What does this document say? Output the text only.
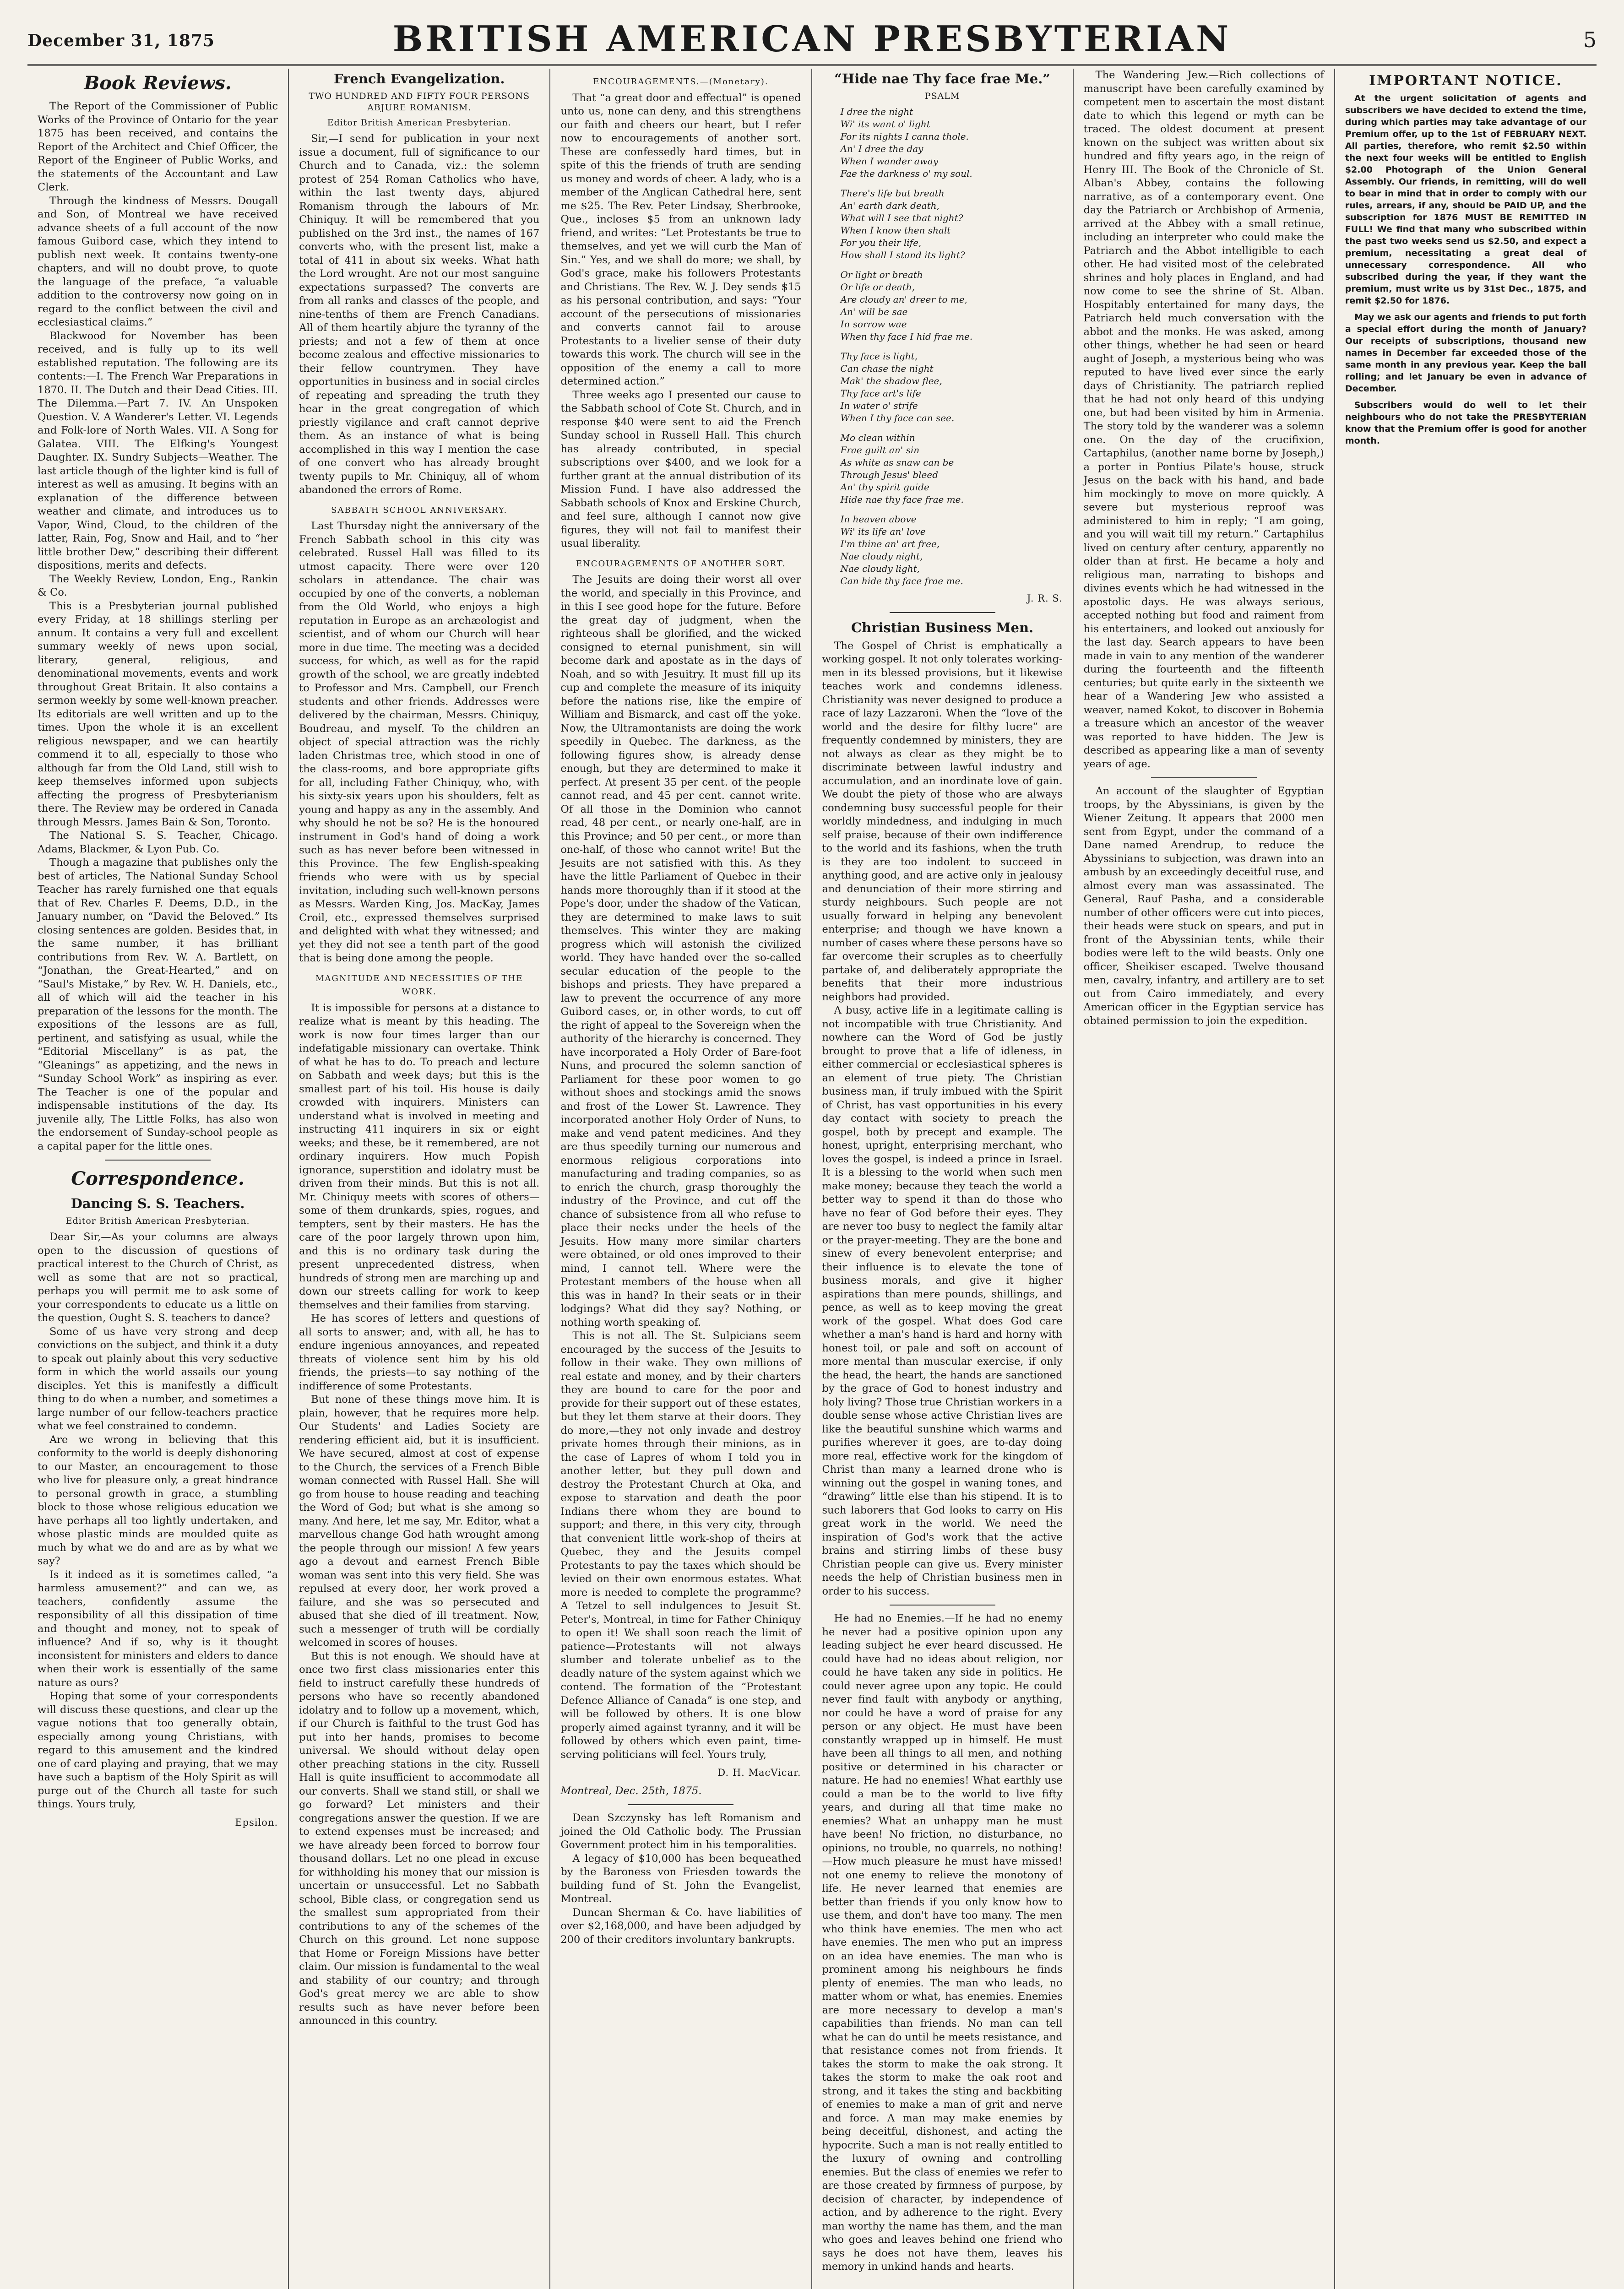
December 31, 1875	BRITISH AMERICAN PRESBYTERIAN	5
Book Reviews.

The Report of the Commissioner of Public Works of the Province of Ontario for the year 1875 has been received, and contains the Report of the Architect and Chief Officer, the Report of the Engineer of Public Works, and the statements of the Accountant and Law Clerk.

Through the kindness of Messrs. Dougall and Son, of Montreal we have received advance sheets of a full account of the now famous Guibord case, which they intend to publish next week. It contains twenty-one chapters, and will no doubt prove, to quote the language of the preface, “a valuable addition to the controversy now going on in regard to the conflict between the civil and ecclesiastical claims.”

Blackwood for November has been received, and is fully up to its well established reputation. The following are its contents:—I. The French War Preparations in 1870. II. The Dutch and their Dead Cities. III. The Dilemma.—Part 7. IV. An Unspoken Question. V. A Wanderer's Letter. VI. Legends and Folk-lore of North Wales. VII. A Song for Galatea. VIII. The Elfking's Youngest Daughter. IX. Sundry Subjects—Weather. The last article though of the lighter kind is full of interest as well as amusing. It begins with an explanation of the difference between weather and climate, and introduces us to Vapor, Wind, Cloud, to the children of the latter, Rain, Fog, Snow and Hail, and to “her little brother Dew,” describing their different dispositions, merits and defects.

The Weekly Review, London, Eng., Rankin & Co.

This is a Presbyterian journal published every Friday, at 18 shillings sterling per annum. It contains a very full and excellent summary weekly of news upon social, literary, general, religious, and denominational movements, events and work throughout Great Britain. It also contains a sermon weekly by some well-known preacher. Its editorials are well written and up to the times. Upon the whole it is an excellent religious newspaper, and we can heartily commend it to all, especially to those who although far from the Old Land, still wish to keep themselves informed upon subjects affecting the progress of Presbyterianism there. The Review may be ordered in Canada through Messrs. James Bain & Son, Toronto.

The National S. S. Teacher, Chicago. Adams, Blackmer, & Lyon Pub. Co.

Though a magazine that publishes only the best of articles, The National Sunday School Teacher has rarely furnished one that equals that of Rev. Charles F. Deems, D.D., in the January number, on “David the Beloved.” Its closing sentences are golden. Besides that, in the same number, it has brilliant contributions from Rev. W. A. Bartlett, on “Jonathan, the Great-Hearted,” and on “Saul's Mistake,” by Rev. W. H. Daniels, etc., all of which will aid the teacher in his preparation of the lessons for the month. The expositions of the lessons are as full, pertinent, and satisfying as usual, while the “Editorial Miscellany” is as pat, the “Gleanings” as appetizing, and the news in “Sunday School Work” as inspiring as ever. The Teacher is one of the popular and indispensable institutions of the day. Its juvenile ally, The Little Folks, has also won the endorsement of Sunday-school people as a capital paper for the little ones.

Correspondence.
Dancing S. S. Teachers.
Editor British American Presbyterian.

Dear Sir,—As your columns are always open to the discussion of questions of practical interest to the Church of Christ, as well as some that are not so practical, perhaps you will permit me to ask some of your correspondents to educate us a little on the question, Ought S. S. teachers to dance?

Some of us have very strong and deep convictions on the subject, and think it a duty to speak out plainly about this very seductive form in which the world assails our young disciples. Yet this is manifestly a difficult thing to do when a number, and sometimes a large number of our fellow-teachers practice what we feel constrained to condemn.

Are we wrong in believing that this conformity to the world is deeply dishonoring to our Master, an encouragement to those who live for pleasure only, a great hindrance to personal growth in grace, a stumbling block to those whose religious education we have perhaps all too lightly undertaken, and whose plastic minds are moulded quite as much by what we do and are as by what we say?

Is it indeed as it is sometimes called, “a harmless amusement?” and can we, as teachers, confidently assume the responsibility of all this dissipation of time and thought and money, not to speak of influence? And if so, why is it thought inconsistent for ministers and elders to dance when their work is essentially of the same nature as ours?

Hoping that some of your correspondents will discuss these questions, and clear up the vague notions that too generally obtain, especially among young Christians, with regard to this amusement and the kindred one of card playing and praying, that we may have such a baptism of the Holy Spirit as will purge out of the Church all taste for such things. Yours truly,

Epsilon.
French Evangelization.
TWO HUNDRED AND FIFTY FOUR PERSONS ABJURE ROMANISM.
Editor British American Presbyterian.

Sir,—I send for publication in your next issue a document, full of significance to our Church and to Canada, viz.: the solemn protest of 254 Roman Catholics who have, within the last twenty days, abjured Romanism through the labours of Mr. Chiniquy. It will be remembered that you published on the 3rd inst., the names of 167 converts who, with the present list, make a total of 411 in about six weeks. What hath the Lord wrought. Are not our most sanguine expectations surpassed? The converts are from all ranks and classes of the people, and nine-tenths of them are French Canadians. All of them heartily abjure the tyranny of the priests; and not a few of them at once become zealous and effective missionaries to their fellow countrymen. They have opportunities in business and in social circles of repeating and spreading the truth they hear in the great congregation of which priestly vigilance and craft cannot deprive them. As an instance of what is being accomplished in this way I mention the case of one convert who has already brought twenty pupils to Mr. Chiniquy, all of whom abandoned the errors of Rome.

SABBATH SCHOOL ANNIVERSARY.

Last Thursday night the anniversary of the French Sabbath school in this city was celebrated. Russel Hall was filled to its utmost capacity. There were over 120 scholars in attendance. The chair was occupied by one of the converts, a nobleman from the Old World, who enjoys a high reputation in Europe as an archæologist and scientist, and of whom our Church will hear more in due time. The meeting was a decided success, for which, as well as for the rapid growth of the school, we are greatly indebted to Professor and Mrs. Campbell, our French students and other friends. Addresses were delivered by the chairman, Messrs. Chiniquy, Boudreau, and myself. To the children an object of special attraction was the richly laden Christmas tree, which stood in one of the class-rooms, and bore appropriate gifts for all, including Father Chiniquy, who, with his sixty-six years upon his shoulders, felt as young and happy as any in the assembly. And why should he not be so? He is the honoured instrument in God's hand of doing a work such as has never before been witnessed in this Province. The few English-speaking friends who were with us by special invitation, including such well-known persons as Messrs. Warden King, Jos. MacKay, James Croil, etc., expressed themselves surprised and delighted with what they witnessed; and yet they did not see a tenth part of the good that is being done among the people.

MAGNITUDE AND NECESSITIES OF THE WORK.

It is impossible for persons at a distance to realize what is meant by this heading. The work is now four times larger than our indefatigable missionary can overtake. Think of what he has to do. To preach and lecture on Sabbath and week days; but this is the smallest part of his toil. His house is daily crowded with inquirers. Ministers can understand what is involved in meeting and instructing 411 inquirers in six or eight weeks; and these, be it remembered, are not ordinary inquirers. How much Popish ignorance, superstition and idolatry must be driven from their minds. But this is not all. Mr. Chiniquy meets with scores of others—some of them drunkards, spies, rogues, and tempters, sent by their masters. He has the care of the poor largely thrown upon him, and this is no ordinary task during the present unprecedented distress, when hundreds of strong men are marching up and down our streets calling for work to keep themselves and their families from starving.

He has scores of letters and questions of all sorts to answer; and, with all, he has to endure ingenious annoyances, and repeated threats of violence sent him by his old friends, the priests—to say nothing of the indifference of some Protestants.

But none of these things move him. It is plain, however, that he requires more help. Our Students' and Ladies Society are rendering efficient aid, but it is insufficient. We have secured, almost at cost of expense to the Church, the services of a French Bible woman connected with Russel Hall. She will go from house to house reading and teaching the Word of God; but what is she among so many. And here, let me say, Mr. Editor, what a marvellous change God hath wrought among the people through our mission! A few years ago a devout and earnest French Bible woman was sent into this very field. She was repulsed at every door, her work proved a failure, and she was so persecuted and abused that she died of ill treatment. Now, such a messenger of truth will be cordially welcomed in scores of houses.

But this is not enough. We should have at once two first class missionaries enter this field to instruct carefully these hundreds of persons who have so recently abandoned idolatry and to follow up a movement, which, if our Church is faithful to the trust God has put into her hands, promises to become universal. We should without delay open other preaching stations in the city. Russell Hall is quite insufficient to accommodate all our converts. Shall we stand still, or shall we go forward? Let ministers and their congregations answer the question. If we are to extend expenses must be increased; and we have already been forced to borrow four thousand dollars. Let no one plead in excuse for withholding his money that our mission is uncertain or unsuccessful. Let no Sabbath school, Bible class, or congregation send us the smallest sum appropriated from their contributions to any of the schemes of the Church on this ground. Let none suppose that Home or Foreign Missions have better claim. Our mission is fundamental to the weal and stability of our country; and through God's great mercy we are able to show results such as have never before been announced in this country.

ENCOURAGEMENTS.—(Monetary).

That “a great door and effectual” is opened unto us, none can deny, and this strengthens our faith and cheers our heart, but I refer now to encouragements of another sort. These are confessedly hard times, but in spite of this the friends of truth are sending us money and words of cheer. A lady, who is a member of the Anglican Cathedral here, sent me $25. The Rev. Peter Lindsay, Sherbrooke, Que., incloses $5 from an unknown lady friend, and writes: “Let Protestants be true to themselves, and yet we will curb the Man of Sin.” Yes, and we shall do more; we shall, by God's grace, make his followers Protestants and Christians. The Rev. W. J. Dey sends $15 as his personal contribution, and says: “Your account of the persecutions of missionaries and converts cannot fail to arouse Protestants to a livelier sense of their duty towards this work. The church will see in the opposition of the enemy a call to more determined action.”

Three weeks ago I presented our cause to the Sabbath school of Cote St. Church, and in response $40 were sent to aid the French Sunday school in Russell Hall. This church has already contributed, in special subscriptions over $400, and we look for a further grant at the annual distribution of its Mission Fund. I have also addressed the Sabbath schools of Knox and Erskine Church, and feel sure, although I cannot now give figures, they will not fail to manifest their usual liberality.

ENCOURAGEMENTS OF ANOTHER SORT.

The Jesuits are doing their worst all over the world, and specially in this Province, and in this I see good hope for the future. Before the great day of judgment, when the righteous shall be glorified, and the wicked consigned to eternal punishment, sin will become dark and apostate as in the days of Noah, and so with Jesuitry. It must fill up its cup and complete the measure of its iniquity before the nations rise, like the empire of William and Bismarck, and cast off the yoke. Now, the Ultramontanists are doing the work speedily in Quebec. The darkness, as the following figures show, is already dense enough, but they are determined to make it perfect. At present 35 per cent. of the people cannot read, and 45 per cent. cannot write. Of all those in the Dominion who cannot read, 48 per cent., or nearly one-half, are in this Province; and 50 per cent., or more than one-half, of those who cannot write! But the Jesuits are not satisfied with this. As they have the little Parliament of Quebec in their hands more thoroughly than if it stood at the Pope's door, under the shadow of the Vatican, they are determined to make laws to suit themselves. This winter they are making progress which will astonish the civilized world. They have handed over the so-called secular education of the people to the bishops and priests. They have prepared a law to prevent the occurrence of any more Guibord cases, or, in other words, to cut off the right of appeal to the Sovereign when the authority of the hierarchy is concerned. They have incorporated a Holy Order of Bare-foot Nuns, and procured the solemn sanction of Parliament for these poor women to go without shoes and stockings amid the snows and frost of the Lower St. Lawrence. They incorporated another Holy Order of Nuns, to make and vend patent medicines. And they are thus speedily turning our numerous and enormous religious corporations into manufacturing and trading companies, so as to enrich the church, grasp thoroughly the industry of the Province, and cut off the chance of subsistence from all who refuse to place their necks under the heels of the Jesuits. How many more similar charters were obtained, or old ones improved to their mind, I cannot tell. Where were the Protestant members of the house when all this was in hand? In their seats or in their lodgings? What did they say? Nothing, or nothing worth speaking of.

This is not all. The St. Sulpicians seem encouraged by the success of the Jesuits to follow in their wake. They own millions of real estate and money, and by their charters they are bound to care for the poor and provide for their support out of these estates, but they let them starve at their doors. They do more,—they not only invade and destroy private homes through their minions, as in the case of Lapres of whom I told you in another letter, but they pull down and destroy the Protestant Church at Oka, and expose to starvation and death the poor Indians there whom they are bound to support; and there, in this very city, through that convenient little work-shop of theirs at Quebec, they and the Jesuits compel Protestants to pay the taxes which should be levied on their own enormous estates. What more is needed to complete the programme? A Tetzel to sell indulgences to Jesuit St. Peter's, Montreal, in time for Father Chiniquy to open it! We shall soon reach the limit of patience—Protestants will not always slumber and tolerate unbelief as to the deadly nature of the system against which we contend. The formation of the “Protestant Defence Alliance of Canada” is one step, and will be followed by others. It is one blow properly aimed against tyranny, and it will be followed by others which even paint, time-serving politicians will feel. Yours truly,

D. H. MacVicar.
Montreal, Dec. 25th, 1875.

Dean Szczynsky has left Romanism and joined the Old Catholic body. The Prussian Government protect him in his temporalities.

A legacy of $10,000 has been bequeathed by the Baroness von Friesden towards the building fund of St. John the Evangelist, Montreal.

Duncan Sherman & Co. have liabilities of over $2,168,000, and have been adjudged by 200 of their creditors involuntary bankrupts.

“Hide nae Thy face frae Me.”
PSALM
I dree the night
Wi' its want o' light
For its nights I canna thole.
An' I dree the day
When I wander away
Fae the darkness o' my soul.
There's life but breath
An' earth dark death,
What will I see that night?
When I know then shalt
For you their life,
How shall I stand its light?
Or light or breath
Or life or death,
Are cloudy an' dreer to me,
An' will be sae
In sorrow wae
When thy face I hid frae me.
Thy face is light,
Can chase the night
Mak' the shadow flee,
Thy face art's life
In water o' strife
When I thy face can see.
Mo clean within
Frae guilt an' sin
As white as snaw can be
Through Jesus' bleed
An' thy spirit guide
Hide nae thy face frae me.
In heaven above
Wi' its life an' love
I'm thine an' art free,
Nae cloudy night,
Nae cloudy light,
Can hide thy face frae me.
J. R. S.
Christian Business Men.

The Gospel of Christ is emphatically a working gospel. It not only tolerates working-men in its blessed provisions, but it likewise teaches work and condemns idleness. Christianity was never designed to produce a race of lazy Lazzaroni. When the “love of the world and the desire for filthy lucre” are frequently condemned by ministers, they are not always as clear as they might be to discriminate between lawful industry and accumulation, and an inordinate love of gain. We doubt the piety of those who are always condemning busy successful people for their worldly mindedness, and indulging in much self praise, because of their own indifference to the world and its fashions, when the truth is they are too indolent to succeed in anything good, and are active only in jealousy and denunciation of their more stirring and sturdy neighbours. Such people are not usually forward in helping any benevolent enterprise; and though we have known a number of cases where these persons have so far overcome their scruples as to cheerfully partake of, and deliberately appropriate the benefits that their more industrious neighbors had provided.

A busy, active life in a legitimate calling is not incompatible with true Christianity. And nowhere can the Word of God be justly brought to prove that a life of idleness, in either commercial or ecclesiastical spheres is an element of true piety. The Christian business man, if truly imbued with the Spirit of Christ, has vast opportunities in his every day contact with society to preach the gospel, both by precept and example. The honest, upright, enterprising merchant, who loves the gospel, is indeed a prince in Israel. It is a blessing to the world when such men make money; because they teach the world a better way to spend it than do those who have no fear of God before their eyes. They are never too busy to neglect the family altar or the prayer-meeting. They are the bone and sinew of every benevolent enterprise; and their influence is to elevate the tone of business morals, and give it higher aspirations than mere pounds, shillings, and pence, as well as to keep moving the great work of the gospel. What does God care whether a man's hand is hard and horny with honest toil, or pale and soft on account of more mental than muscular exercise, if only the head, the heart, the hands are sanctioned by the grace of God to honest industry and holy living? Those true Christian workers in a double sense whose active Christian lives are like the beautiful sunshine which warms and purifies wherever it goes, are to-day doing more real, effective work for the kingdom of Christ than many a learned drone who is winning out the gospel in waning tones, and “drawing” little else than his stipend. It is to such laborers that God looks to carry on His great work in the world. We need the inspiration of God's work that the active brains and stirring limbs of these busy Christian people can give us. Every minister needs the help of Christian business men in order to his success.

He had no Enemies.—If he had no enemy he never had a positive opinion upon any leading subject he ever heard discussed. He could have had no ideas about religion, nor could he have taken any side in politics. He could never agree upon any topic. He could never find fault with anybody or anything, nor could he have a word of praise for any person or any object. He must have been constantly wrapped up in himself. He must have been all things to all men, and nothing positive or determined in his character or nature. He had no enemies! What earthly use could a man be to the world to live fifty years, and during all that time make no enemies? What an unhappy man he must have been! No friction, no disturbance, no opinions, no trouble, no quarrels, no nothing!—How much pleasure he must have missed! not one enemy to relieve the monotony of life. He never learned that enemies are better than friends if you only know how to use them, and don't have too many. The men who think have enemies. The men who act have enemies. The men who put an impress on an idea have enemies. The man who is prominent among his neighbours he finds plenty of enemies. The man who leads, no matter whom or what, has enemies. Enemies are more necessary to develop a man's capabilities than friends. No man can tell what he can do until he meets resistance, and that resistance comes not from friends. It takes the storm to make the oak strong. It takes the storm to make the oak root and strong, and it takes the sting and backbiting of enemies to make a man of grit and nerve and force. A man may make enemies by being deceitful, dishonest, and acting the hypocrite. Such a man is not really entitled to the luxury of owning and controlling enemies. But the class of enemies we refer to are those created by firmness of purpose, by decision of character, by independence of action, and by adherence to the right. Every man worthy the name has them, and the man who goes and leaves behind one friend who says he does not have them, leaves his memory in unkind hands and hearts.

The Wandering Jew.—Rich collections of manuscript have been carefully examined by competent men to ascertain the most distant date to which this legend or myth can be traced. The oldest document at present known on the subject was written about six hundred and fifty years ago, in the reign of Henry III. The Book of the Chronicle of St. Alban's Abbey, contains the following narrative, as of a contemporary event. One day the Patriarch or Archbishop of Armenia, arrived at the Abbey with a small retinue, including an interpreter who could make the Patriarch and the Abbot intelligible to each other. He had visited most of the celebrated shrines and holy places in England, and had now come to see the shrine of St. Alban. Hospitably entertained for many days, the Patriarch held much conversation with the abbot and the monks. He was asked, among other things, whether he had seen or heard aught of Joseph, a mysterious being who was reputed to have lived ever since the early days of Christianity. The patriarch replied that he had not only heard of this undying one, but had been visited by him in Armenia. The story told by the wanderer was a solemn one. On the day of the crucifixion, Cartaphilus, (another name borne by Joseph,) a porter in Pontius Pilate's house, struck Jesus on the back with his hand, and bade him mockingly to move on more quickly. A severe but mysterious reproof was administered to him in reply; “I am going, and you will wait till my return.” Cartaphilus lived on century after century, apparently no older than at first. He became a holy and religious man, narrating to bishops and divines events which he had witnessed in the apostolic days. He was always serious, accepted nothing but food and raiment from his entertainers, and looked out anxiously for the last day. Search appears to have been made in vain to any mention of the wanderer during the fourteenth and the fifteenth centuries; but quite early in the sixteenth we hear of a Wandering Jew who assisted a weaver, named Kokot, to discover in Bohemia a treasure which an ancestor of the weaver was reported to have hidden. The Jew is described as appearing like a man of seventy years of age.

An account of the slaughter of Egyptian troops, by the Abyssinians, is given by the Wiener Zeitung. It appears that 2000 men sent from Egypt, under the command of a Dane named Arendrup, to reduce the Abyssinians to subjection, was drawn into an ambush by an exceedingly deceitful ruse, and almost every man was assassinated. The General, Rauf Pasha, and a considerable number of other officers were cut into pieces, their heads were stuck on spears, and put in front of the Abyssinian tents, while their bodies were left to the wild beasts. Only one officer, Sheikiser escaped. Twelve thousand men, cavalry, infantry, and artillery are to set out from Cairo immediately, and every American officer in the Egyptian service has obtained permission to join the expedition.

IMPORTANT NOTICE.

At the urgent solicitation of agents and subscribers we have decided to extend the time, during which parties may take advantage of our Premium offer, up to the 1st of FEBRUARY NEXT. All parties, therefore, who remit $2.50 within the next four weeks will be entitled to English $2.00 Photograph of the Union General Assembly. Our friends, in remitting, will do well to bear in mind that in order to comply with our rules, arrears, if any, should be PAID UP, and the subscription for 1876 MUST BE REMITTED IN FULL! We find that many who subscribed within the past two weeks send us $2.50, and expect a premium, necessitating a great deal of unnecessary correspondence. All who subscribed during the year, if they want the premium, must write us by 31st Dec., 1875, and remit $2.50 for 1876.

May we ask our agents and friends to put forth a special effort during the month of January? Our receipts of subscriptions, thousand new names in December far exceeded those of the same month in any previous year. Keep the ball rolling; and let January be even in advance of December.

Subscribers would do well to let their neighbours who do not take the PRESBYTERIAN know that the Premium offer is good for another month.
